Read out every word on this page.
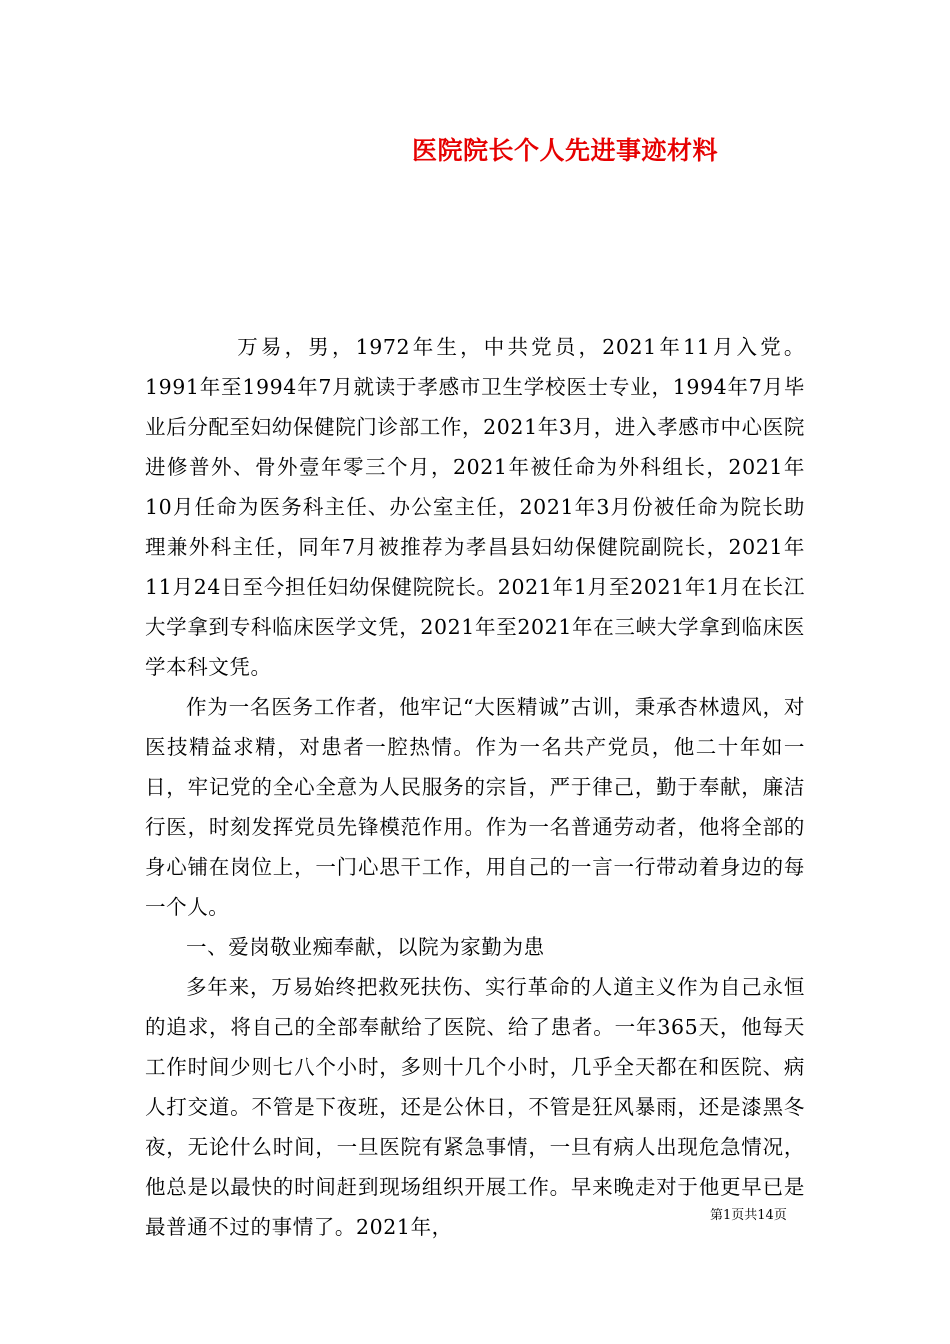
医院院长个人先进事迹材料

万易，男，1972年生，中共党员，2021年11月入党。1991年至1994年7月就读于孝感市卫生学校医士专业，1994年7月毕业后分配至妇幼保健院门诊部工作，2021年3月，进入孝感市中心医院进修普外、骨外壹年零三个月，2021年被任命为外科组长，2021年10月任命为医务科主任、办公室主任，2021年3月份被任命为院长助理兼外科主任，同年7月被推荐为孝昌县妇幼保健院副院长，2021年11月24日至今担任妇幼保健院院长。2021年1月至2021年1月在长江大学拿到专科临床医学文凭，2021年至2021年在三峡大学拿到临床医学本科文凭。

作为一名医务工作者，他牢记“大医精诚”古训，秉承杏林遗风，对医技精益求精，对患者一腔热情。作为一名共产党员，他二十年如一日，牢记党的全心全意为人民服务的宗旨，严于律己，勤于奉献，廉洁行医，时刻发挥党员先锋模范作用。作为一名普通劳动者，他将全部的身心铺在岗位上，一门心思干工作，用自己的一言一行带动着身边的每一个人。

一、爱岗敬业痴奉献，以院为家勤为患

多年来，万易始终把救死扶伤、实行革命的人道主义作为自己永恒的追求，将自己的全部奉献给了医院、给了患者。一年365天，他每天工作时间少则七八个小时，多则十几个小时，几乎全天都在和医院、病人打交道。不管是下夜班，还是公休日，不管是狂风暴雨，还是漆黑冬夜，无论什么时间，一旦医院有紧急事情，一旦有病人出现危急情况，他总是以最快的时间赶到现场组织开展工作。早来晚走对于他更早已是最普通不过的事情了。2021年，	第1页共14页
